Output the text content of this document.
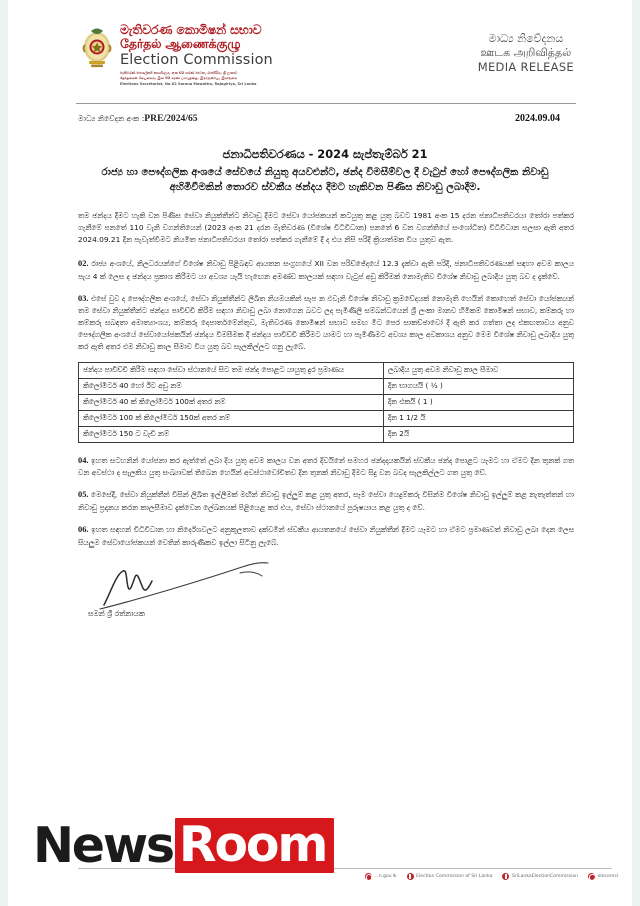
මැතිවරණ කොමිෂන් සභාව
தேர்தல் ஆணைக்குழு
Election Commission
මැතිවරණ මහලේකම් කාර්යාලය, අංක 02 සරණ මාවත, රාජගිරිය, ශ්‍රී ලංකාව
தேர்தல்கள் செயலகம், இல 02 சரண மாவத்தை, இராஜகிரிய, இலங்கை
Elections Secretariat, No.02 Sarana Mawatha, Rajagiriya, Sri Lanka
මාධ්‍ය නිවේදනය
ஊடக அறிவித்தல்
MEDIA RELEASE
මාධ්‍ය නිවේදන අංක :PRE/2024/65	2024.09.04
ජනාධිපතිවරණය - 2024 සැප්තැම්බර් 21
රාජ්‍ය හා පෞද්ගලික අංශයේ සේවයේ නියුතු අයවළුන්ට, ඡන්ද විමසීම්වල දී වැටුප් හෝ පෞද්ගලික නිවාඩු අහිමිවීමකින් තොරව ස්වකීය ඡන්දය දීමට හැකිවන පිණිස නිවාඩු ලබාදීම.
තම ඡන්දය දීමට හැකි වන පිණිස සේවා නියුක්තීන්ට නිවාඩු දීමට සේවා යෝජකයන් කටයුතු කළ යුතු බවට 1981 අංක 15 දරන ජනාධිපතිවරයා තෝරා පත්කර ගැනීමේ පනතේ 110 වැනි වගන්තියෙන් (2023 අංක 21 දරන මැතිවරණ (විශේෂ විධිවිධාන) පනතේ 6 වන වගන්තියේ සංශෝධිත) විධිවිධාන සලසා ඇති අතර 2024.09.21 දින පැවැත්වීමට නියමිත ජනාධිපතිවරයා තෝරා පත්කර ගැනීමේ දී ද එය නිසි පරිදි ක්‍රියාත්මක විය යුතුව ඇත.
02. රාජ්‍ය අංශයේ, නිලධරයන්ගේ විශේෂ නිවාඩු පිළිබඳව ආයතන සංග්‍රහයේ XII වන පරිච්ඡේදයේ 12.3 දැක්වා ඇති පරිදි, ජනාධිපතිවරණයක් සඳහා අවම කාලය පැය 4 ක් ලෙස ද ඡන්දය ප්‍රකාශ කිරීමට යා අවශ්‍ය යැයි හැඟෙන අමණ්ඩ කාලයක් සඳහා වැටුප් අඩු කිරීමක් නොමැතිව විශේෂ නිවාඩු ලබාදිය යුතු බව ද දැක්වේ.
03. එසේ වුව ද පෞද්ගලික අංශයේ, සේවා නියුක්තීන්ට ලිඛිත නියමයකින් සැප න ඵවැනි විශේෂ නිවාඩු ක්‍රමවේදයක් නොමැති හෙයින් කොහෙත් සේවා යෝජකයන් තම සේවා නියුක්තීන්ට ඡන්දය පාවිච්චි කිරීම සඳහා නිවාඩු ලබා නොගෙන බවට ලද පැමිණිලි සම්බන්ධයෙන් ශ්‍රී ලංකා මානව හිමිකම් කොමිෂන් සභාව, කම්කරු හා කම්කරු සබඳතා අමාත්‍යාංශය, කම්කරු දෙපාර්තමේන්තුව, මැතිවරණ කොමිෂන් සභාව සමඟ මීට පෙර සාකච්ඡාවෝ දී ඇති කර ගත්තා ලද එකඟතාවය අනුව පෞද්ගලික අංශයේ සේවායෝජකයින් ඡන්දය විමසීමක දී ඡන්දය පාවිච්චි කිරීමට යාමට හා පැමිණීමට අවශ්‍ය කාල අවකාශය අනුව මෙම විශේෂ නිවාඩු ලබාදිය යුතු කර ඇති අතර එම නිවාඩු කාල සීමාව විය යුතු බව සැලකිල්ලට ගනු ලැබේ.
ඡන්දය පාවිච්චි කිරීම සඳහා සේවා ස්ථානයේ සිට තම ඡන්ද පොළට යායුතු දුර ප්‍රමාණය	ලබාදිය යුතු අවම නිවාඩු කාල සීමාව
කිලෝමීටර් 40 හෝ ඊට අඩු නම්	දින භාගයයි ( ½ )
කිලෝමීටර් 40 ක් කිලෝමීටර් 100ක් අතර නම්	දින එකයි ( 1 )
කිලෝමීටර් 100 ක් කිලෝමීටර් 150ක් අතර නම්	දින 1 1/2 යි
කිලෝමීටර් 150 ට වැඩි නම්	දින 2යි
04. ඉහත සටහනින් යෝජනා කර ඇත්තේ ලබා දිය යුතු අවම කාලය වන අතර දිවයිනේ සමහර ඡන්දදායකයින් ස්වකීය ඡන්ද පොළට යෑමට හා ඒමට දින තුනක් ගත වන අවස්ථා ද සැලකිය යුතු සංඛ්‍යාවක් තිබෙන හෙයින් අවස්ථාවෝචිතව දින තුනක් නිවාඩු දීමට සිදු වන බවද සැලකිල්ලට ගත යුතු වේ.
05. මෙසේදී, සේවා නියුක්තීන් විසින් ලිඛිත ඉල්ලීමක් මඟින් නිවාඩු ඉල්ලුම් කළ යුතු අතර, සෑම සේවා යෙදුම්කරු විසින්ම විශේෂ නිවාඩු ඉල්ලුම් කළ නැතැත්තන් හා නිවාඩු ප්‍රදානය කරන කාලසීමාව දැක්වෙන ලේඛනයක් පිළියෙළ කර එය, සේවා ස්ථානයේ පුරුෂයාය කළ යුතු ද වේ.
06. ඉහත සඳහන් විධිවිධාන හා නිර්දේශවලට අනුකූලතාව දක්වමින් ස්වකීය ආයතනයේ සේවා නියුක්තීන් දීමට යෑමට හා ඒමට ප්‍රමාණවත් නිවාඩු ලබා දෙන ලෙස සියලුම සේවායෝජකයන් වෙතින් කාරුණිකව ඉල්ලා සිටිනු ලැබේ.
සමන් ශ්‍රී රත්නායක
News Room
...n.gov.lk	Election Commission of Sri Lanka	SriLankaElectionCommission	elecomsl
